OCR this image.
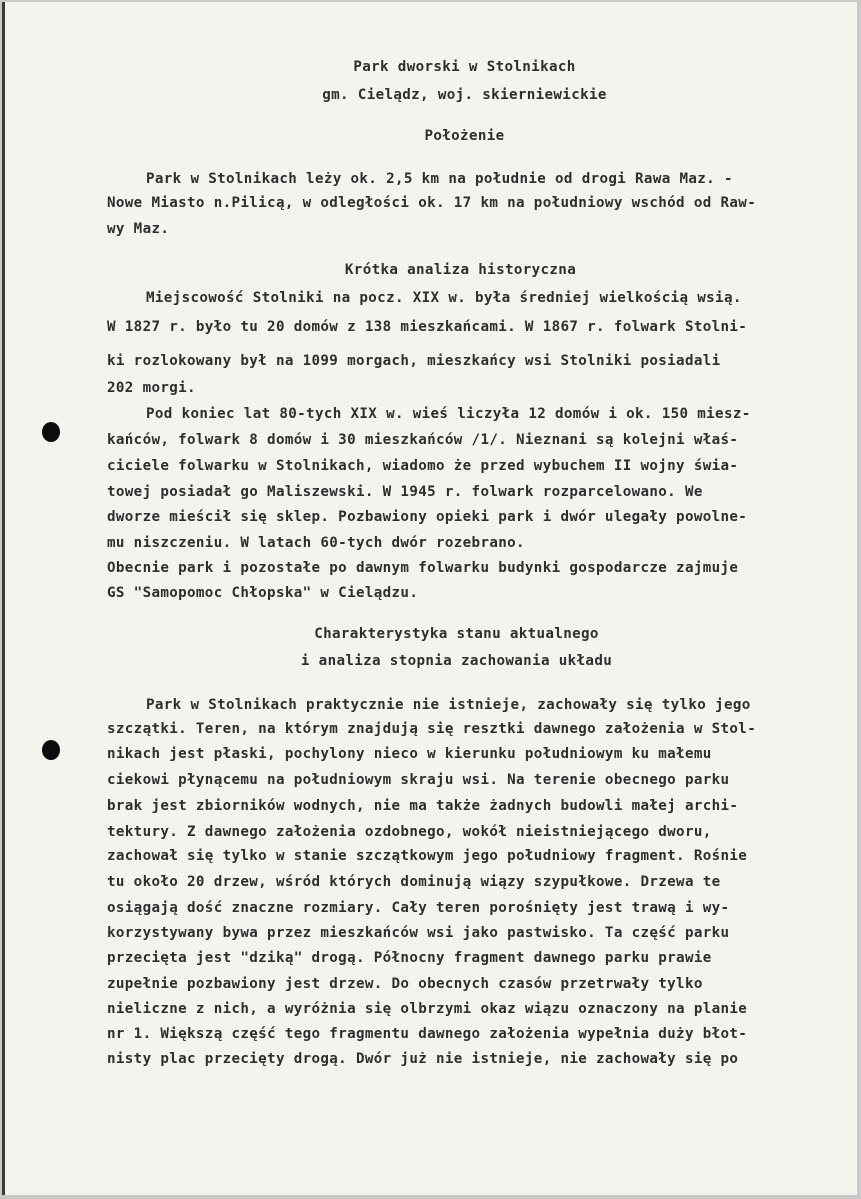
Park dworski w Stolnikach
gm. Cielądz, woj. skierniewickie
Położenie
Park w Stolnikach leży ok. 2,5 km na południe od drogi Rawa Maz. -
Nowe Miasto n.Pilicą, w odległości ok. 17 km na południowy wschód od Raw-
wy Maz.
Krótka analiza historyczna
Miejscowość Stolniki na pocz. XIX w. była średniej wielkością wsią.
W 1827 r. było tu 20 domów z 138 mieszkańcami. W 1867 r. folwark Stolni-
ki rozlokowany był na 1099 morgach, mieszkańcy wsi Stolniki posiadali
202 morgi.
Pod koniec lat 80-tych XIX w. wieś liczyła 12 domów i ok. 150 miesz-
kańców, folwark 8 domów i 30 mieszkańców /1/. Nieznani są kolejni właś-
ciciele folwarku w Stolnikach, wiadomo że przed wybuchem II wojny świa-
towej posiadał go Maliszewski. W 1945 r. folwark rozparcelowano. We
dworze mieścił się sklep. Pozbawiony opieki park i dwór ulegały powolne-
mu niszczeniu. W latach 60-tych dwór rozebrano.
Obecnie park i pozostałe po dawnym folwarku budynki gospodarcze zajmuje
GS "Samopomoc Chłopska" w Cielądzu.
Charakterystyka stanu aktualnego
i analiza stopnia zachowania układu
Park w Stolnikach praktycznie nie istnieje, zachowały się tylko jego
szczątki. Teren, na którym znajdują się resztki dawnego założenia w Stol-
nikach jest płaski, pochylony nieco w kierunku południowym ku małemu
ciekowi płynącemu na południowym skraju wsi. Na terenie obecnego parku
brak jest zbiorników wodnych, nie ma także żadnych budowli małej archi-
tektury. Z dawnego założenia ozdobnego, wokół nieistniejącego dworu,
zachował się tylko w stanie szczątkowym jego południowy fragment. Rośnie
tu około 20 drzew, wśród których dominują wiązy szypułkowe. Drzewa te
osiągają dość znaczne rozmiary. Cały teren porośnięty jest trawą i wy-
korzystywany bywa przez mieszkańców wsi jako pastwisko. Ta część parku
przecięta jest "dziką" drogą. Północny fragment dawnego parku prawie
zupełnie pozbawiony jest drzew. Do obecnych czasów przetrwały tylko
nieliczne z nich, a wyróżnia się olbrzymi okaz wiązu oznaczony na planie
nr 1. Większą część tego fragmentu dawnego założenia wypełnia duży błot-
nisty plac przecięty drogą. Dwór już nie istnieje, nie zachowały się po
